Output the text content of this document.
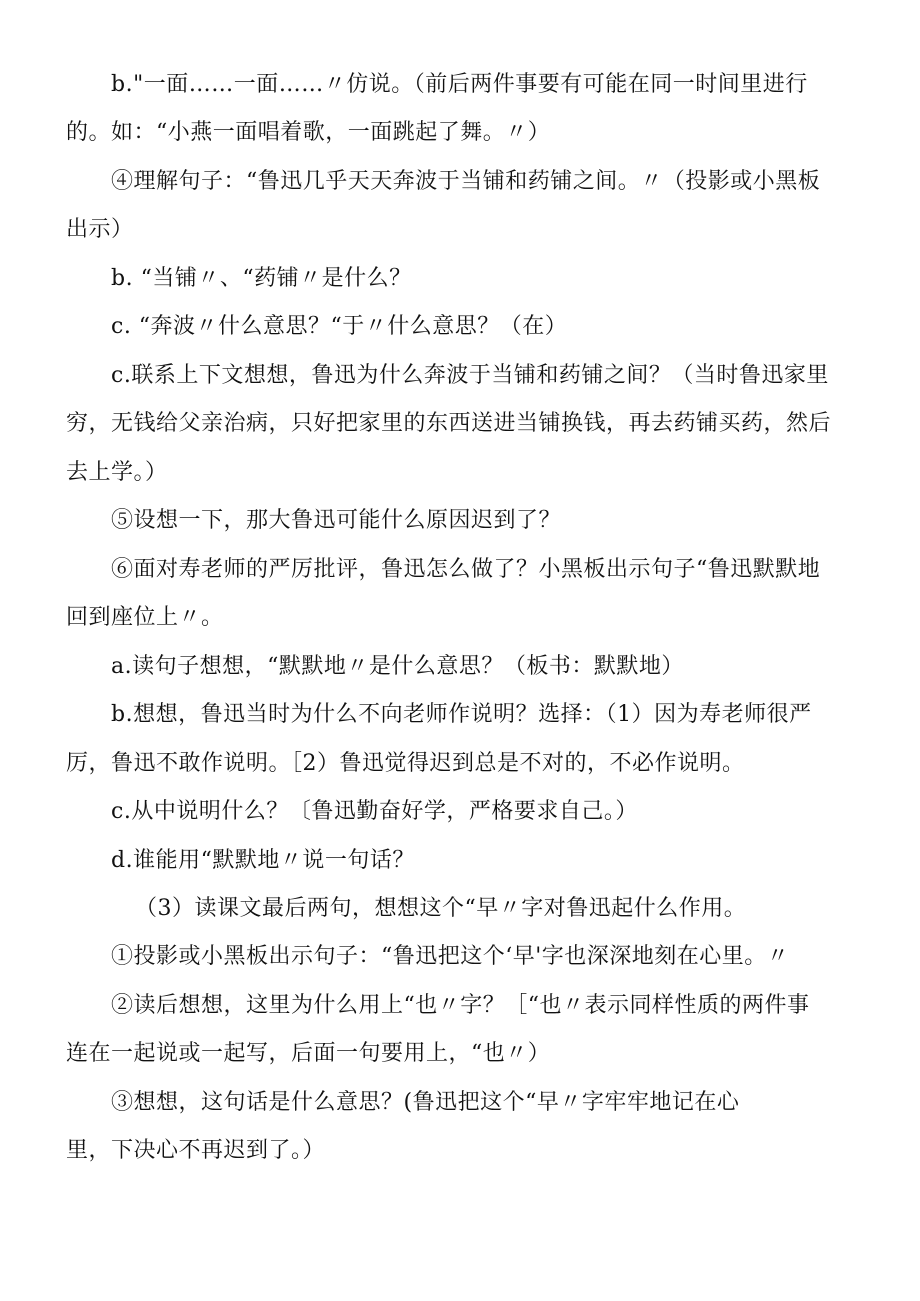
b."一面……一面……〃仿说。（前后两件事要有可能在同一时间里进行

的。如：“小燕一面唱着歌，一面跳起了舞。〃）

④理解句子：“鲁迅几乎天天奔波于当铺和药铺之间。〃（投影或小黑板

出示）

b. “当铺〃、“药铺〃是什么？

c. “奔波〃什么意思？“于〃什么意思？（在）

c.联系上下文想想，鲁迅为什么奔波于当铺和药铺之间？（当时鲁迅家里

穷，无钱给父亲治病，只好把家里的东西送进当铺换钱，再去药铺买药，然后

去上学。）

⑤设想一下，那大鲁迅可能什么原因迟到了？

⑥面对寿老师的严厉批评，鲁迅怎么做了？小黑板出示句子“鲁迅默默地

回到座位上〃。

a.读句子想想，“默默地〃是什么意思？（板书：默默地）

b.想想，鲁迅当时为什么不向老师作说明？选择：（1）因为寿老师很严

厉，鲁迅不敢作说明。［2）鲁迅觉得迟到总是不对的，不必作说明。

c.从中说明什么？〔鲁迅勤奋好学，严格要求自己。）

d.谁能用“默默地〃说一句话？

（3）读课文最后两句，想想这个“早〃字对鲁迅起什么作用。

①投影或小黑板出示句子：“鲁迅把这个‘早'字也深深地刻在心里。〃

②读后想想，这里为什么用上“也〃字？［“也〃表示同样性质的两件事

连在一起说或一起写，后面一句要用上，“也〃）

③想想，这句话是什么意思？(鲁迅把这个“早〃字牢牢地记在心

里，下决心不再迟到了。）
